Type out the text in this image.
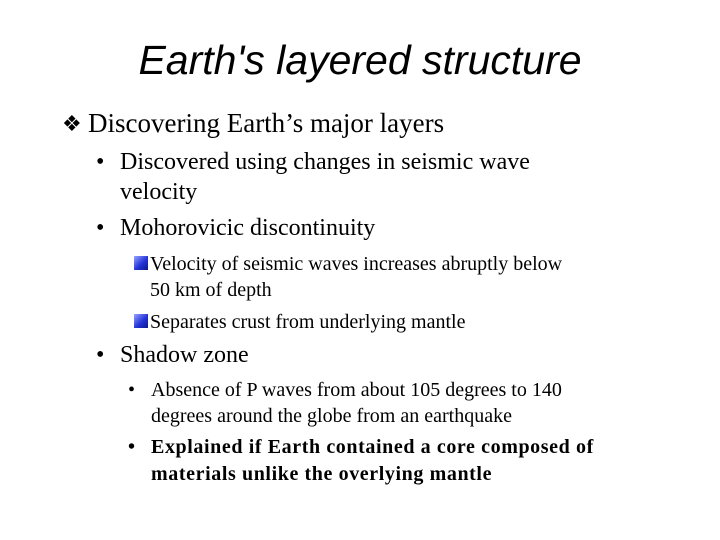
Earth's layered structure
❖ Discovering Earth’s major layers
• Discovered using changes in seismic wave
velocity
• Mohorovicic discontinuity
Velocity of seismic waves increases abruptly below
50 km of depth
Separates crust from underlying mantle
• Shadow zone
• Absence of P waves from about 105 degrees to 140
degrees around the globe from an earthquake
• Explained if Earth contained a core composed of
materials unlike the overlying mantle
